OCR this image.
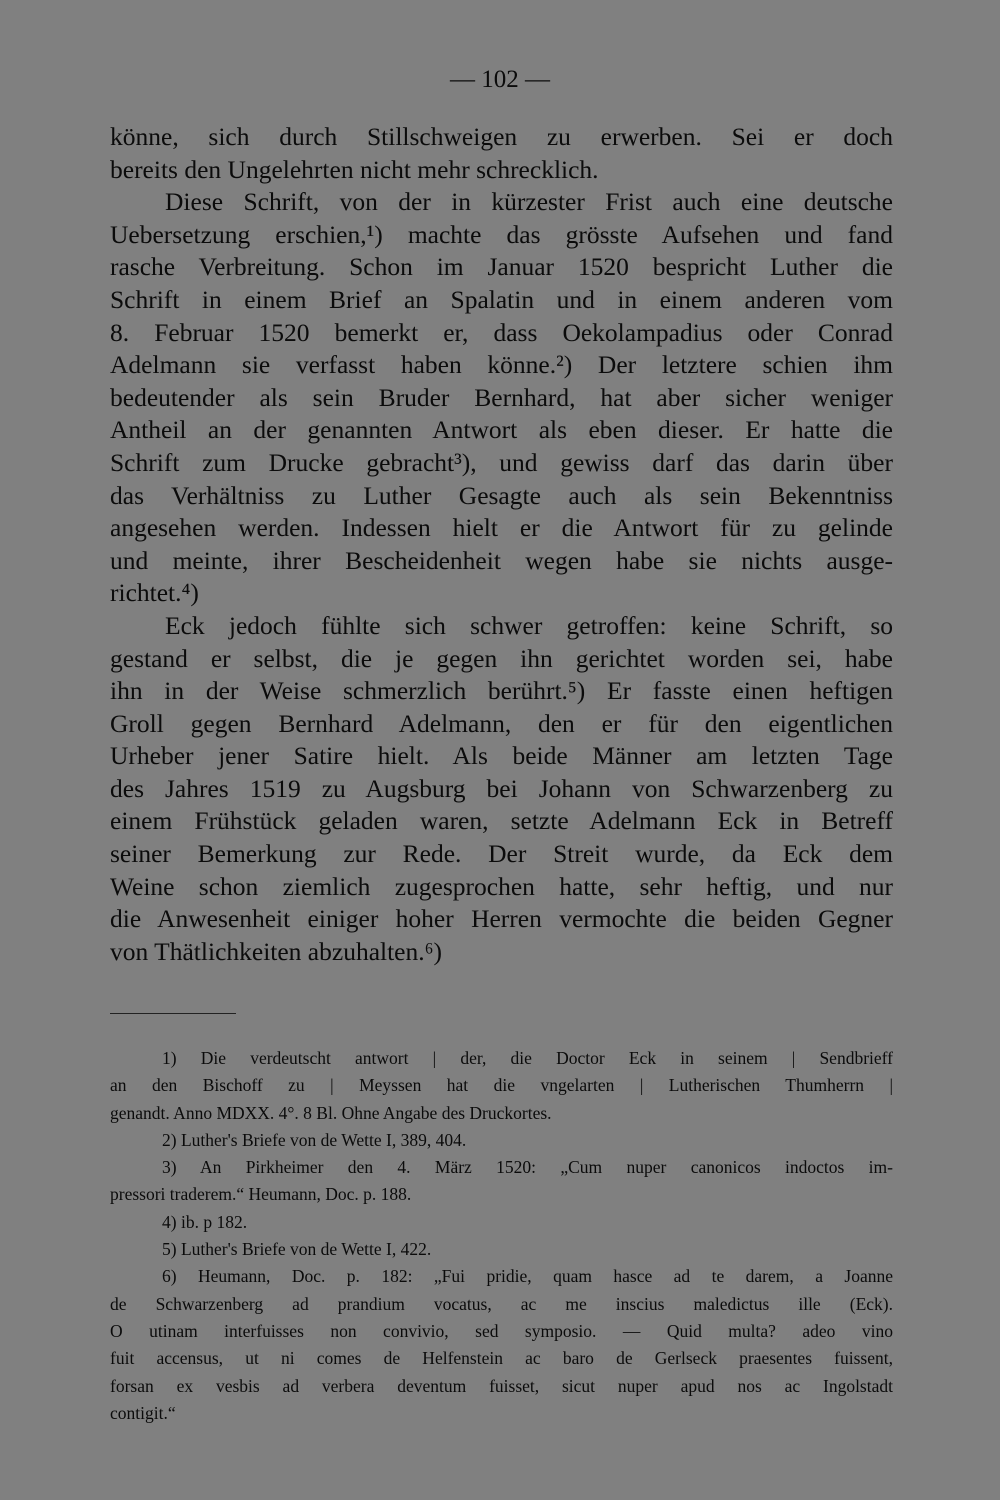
— 102 —

könne, sich durch Stillschweigen zu erwerben. Sei er doch

bereits den Ungelehrten nicht mehr schrecklich.

Diese Schrift, von der in kürzester Frist auch eine deutsche

Uebersetzung erschien,¹) machte das grösste Aufsehen und fand

rasche Verbreitung. Schon im Januar 1520 bespricht Luther die

Schrift in einem Brief an Spalatin und in einem anderen vom

8. Februar 1520 bemerkt er, dass Oekolampadius oder Conrad

Adelmann sie verfasst haben könne.²) Der letztere schien ihm

bedeutender als sein Bruder Bernhard, hat aber sicher weniger

Antheil an der genannten Antwort als eben dieser. Er hatte die

Schrift zum Drucke gebracht³), und gewiss darf das darin über

das Verhältniss zu Luther Gesagte auch als sein Bekenntniss

angesehen werden. Indessen hielt er die Antwort für zu gelinde

und meinte, ihrer Bescheidenheit wegen habe sie nichts ausge-

richtet.⁴)

Eck jedoch fühlte sich schwer getroffen: keine Schrift, so

gestand er selbst, die je gegen ihn gerichtet worden sei, habe

ihn in der Weise schmerzlich berührt.⁵) Er fasste einen heftigen

Groll gegen Bernhard Adelmann, den er für den eigentlichen

Urheber jener Satire hielt. Als beide Männer am letzten Tage

des Jahres 1519 zu Augsburg bei Johann von Schwarzenberg zu

einem Frühstück geladen waren, setzte Adelmann Eck in Betreff

seiner Bemerkung zur Rede. Der Streit wurde, da Eck dem

Weine schon ziemlich zugesprochen hatte, sehr heftig, und nur

die Anwesenheit einiger hoher Herren vermochte die beiden Gegner

von Thätlichkeiten abzuhalten.⁶)

1) Die verdeutscht antwort | der, die Doctor Eck in seinem | Sendbrieff

an den Bischoff zu | Meyssen hat die vngelarten | Lutherischen Thumherrn |

genandt. Anno MDXX. 4°. 8 Bl. Ohne Angabe des Druckortes.

2) Luther's Briefe von de Wette I, 389, 404.

3) An Pirkheimer den 4. März 1520: „Cum nuper canonicos indoctos im-

pressori traderem.“ Heumann, Doc. p. 188.

4) ib. p 182.

5) Luther's Briefe von de Wette I, 422.

6) Heumann, Doc. p. 182: „Fui pridie, quam hasce ad te darem, a Joanne

de Schwarzenberg ad prandium vocatus, ac me inscius maledictus ille (Eck).

O utinam interfuisses non convivio, sed symposio. — Quid multa? adeo vino

fuit accensus, ut ni comes de Helfenstein ac baro de Gerlseck praesentes fuissent,

forsan ex vesbis ad verbera deventum fuisset, sicut nuper apud nos ac Ingolstadt

contigit.“
